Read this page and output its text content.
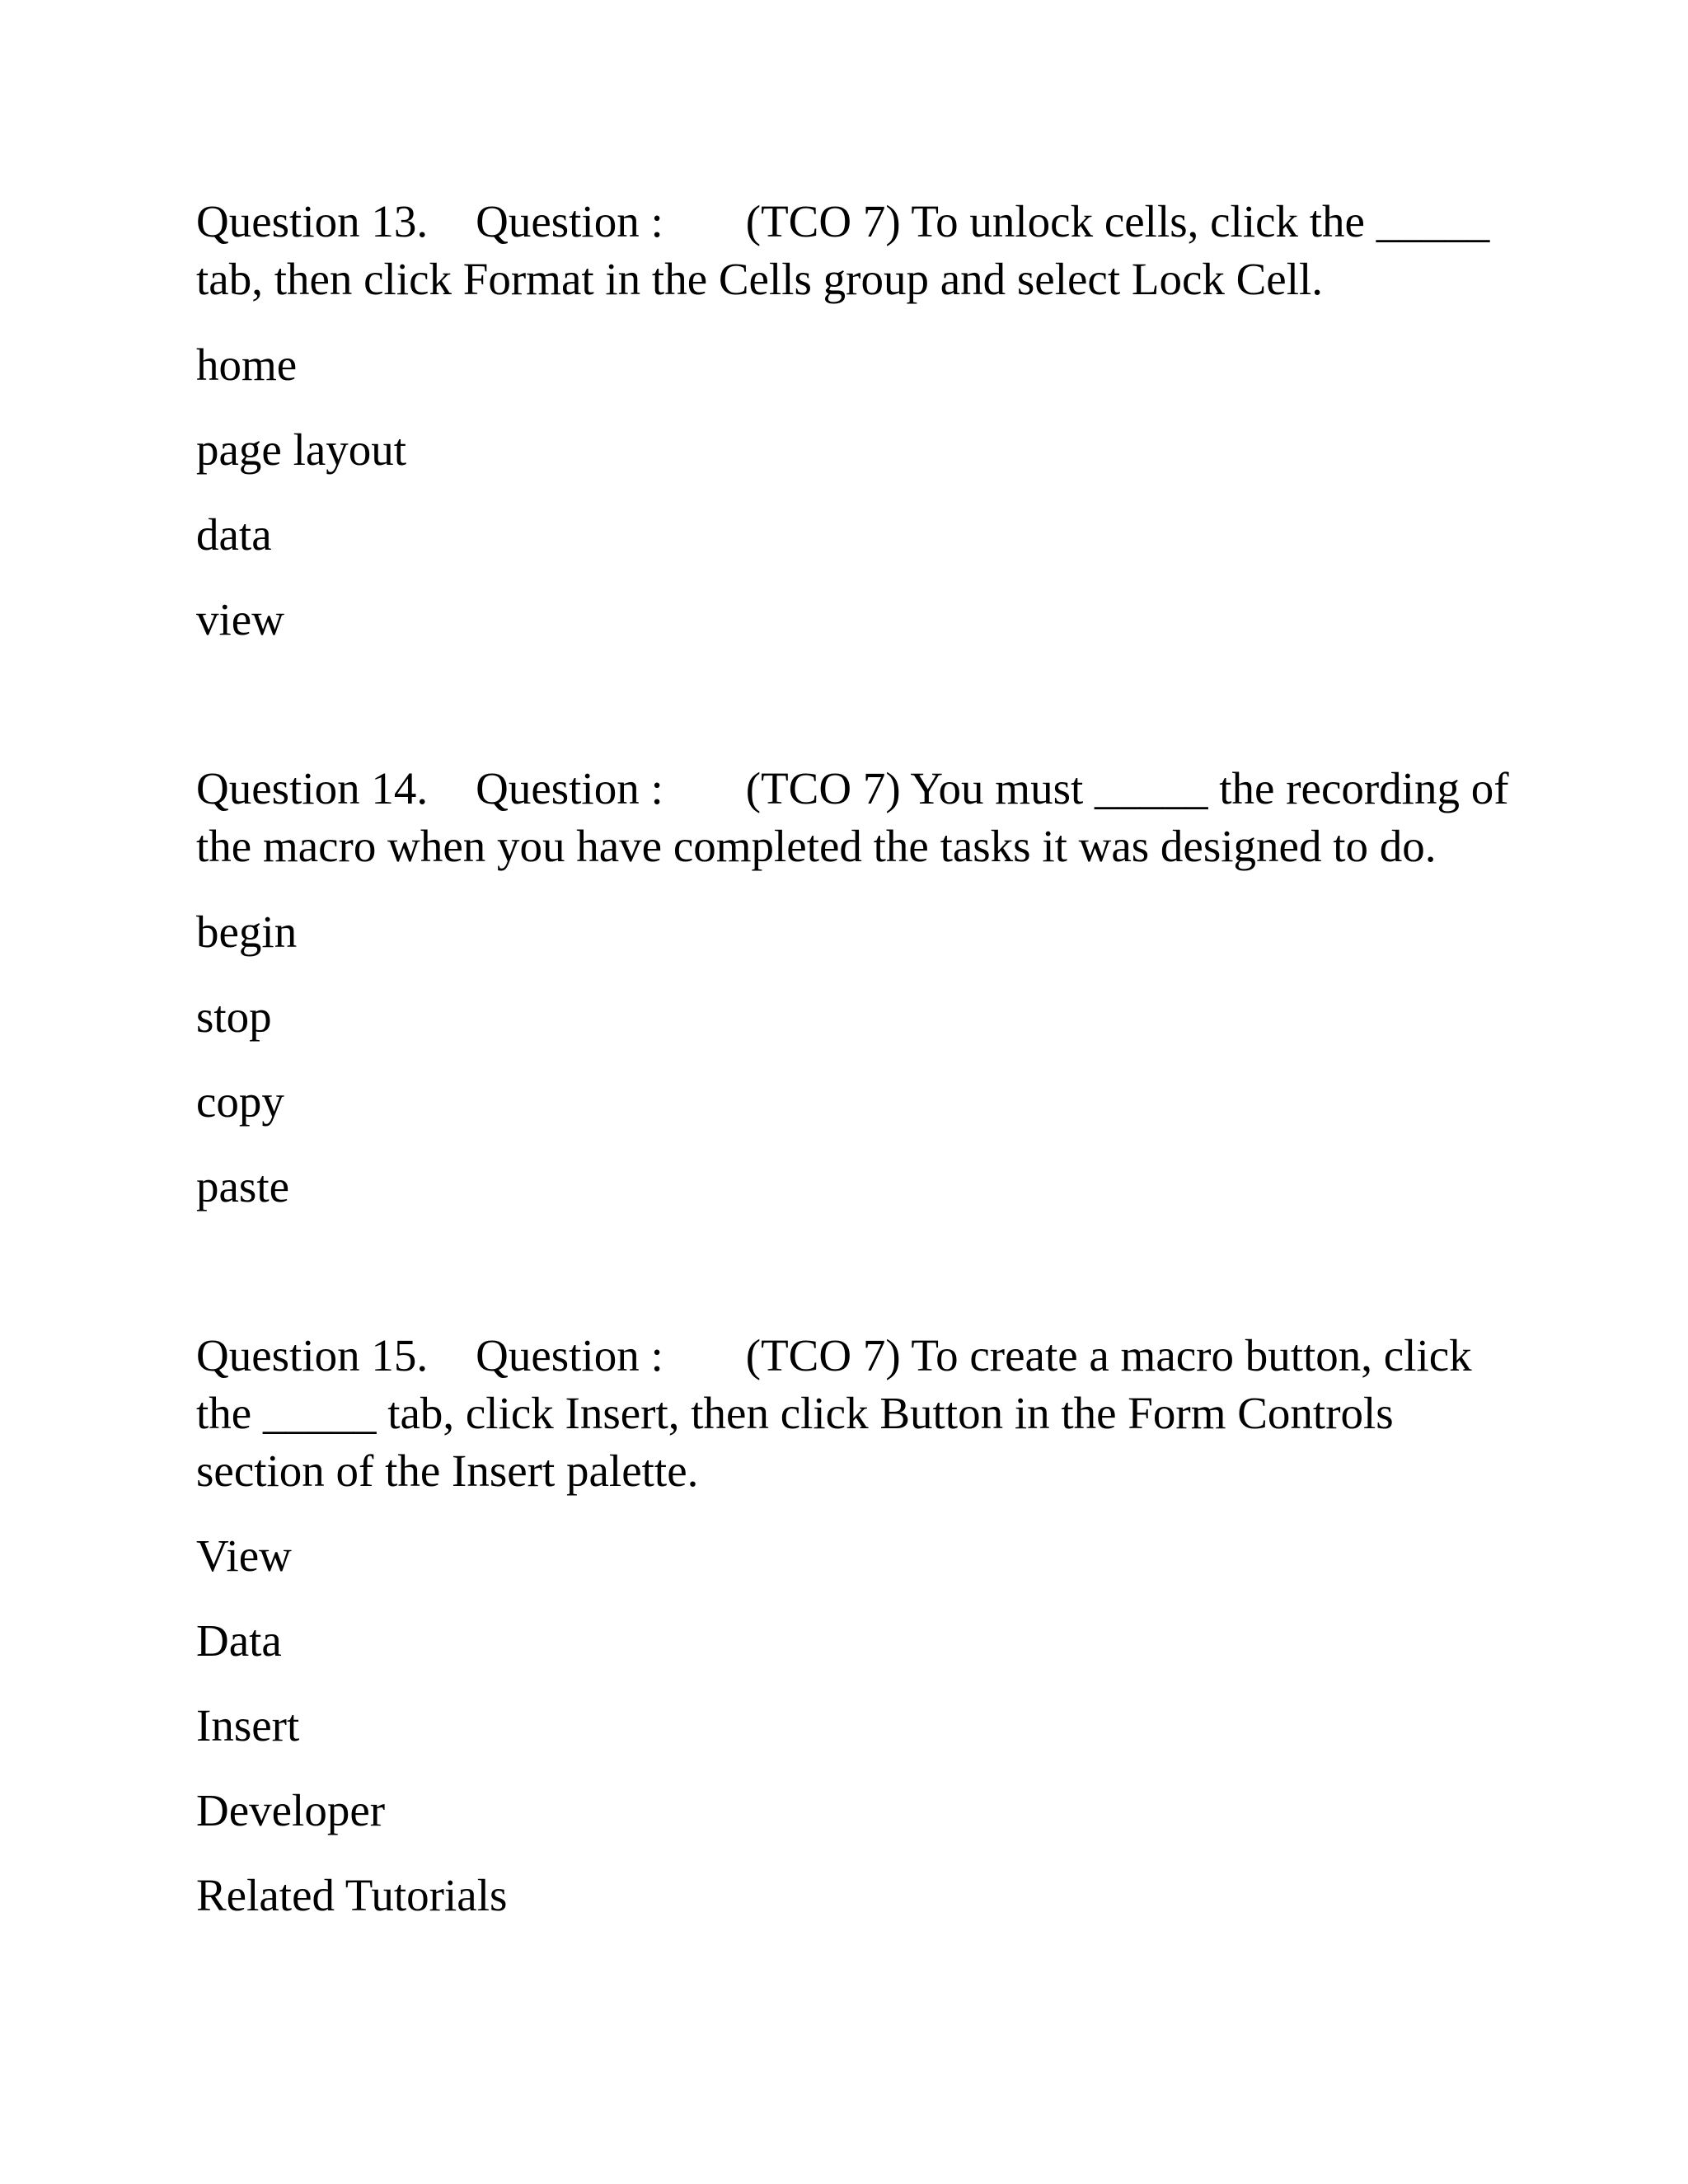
Question 13. Question : (TCO 7) To unlock cells, click the _____
tab, then click Format in the Cells group and select Lock Cell.
home
page layout
data
view
Question 14. Question : (TCO 7) You must _____ the recording of
the macro when you have completed the tasks it was designed to do.
begin
stop
copy
paste
Question 15. Question : (TCO 7) To create a macro button, click
the _____ tab, click Insert, then click Button in the Form Controls
section of the Insert palette.
View
Data
Insert
Developer
Related Tutorials
